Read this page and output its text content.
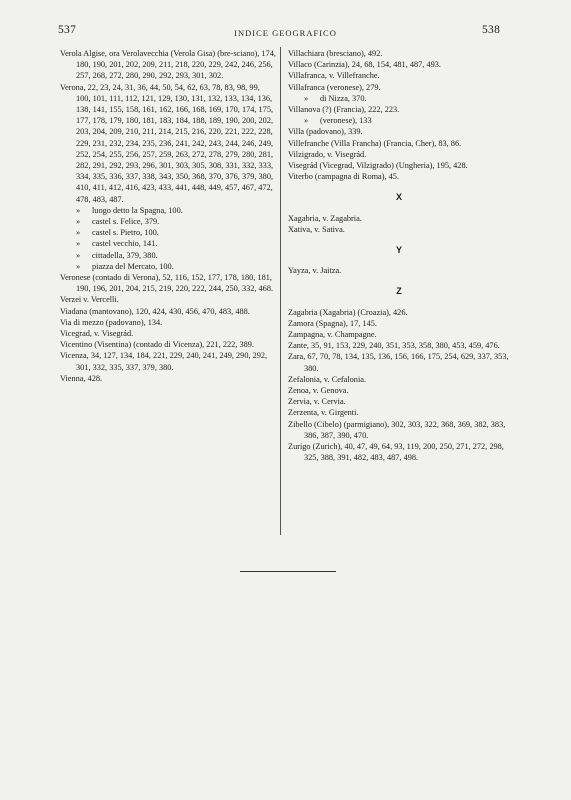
537	INDICE GEOGRAFICO	538
Verola Algise, ora Verolavecchia (Verola Gisa) (bre-sciano), 174, 180, 190, 201, 202, 209, 211, 218, 220, 229, 242, 246, 256, 257, 268, 272, 280, 290, 292, 293, 301, 302.
Verona, 22, 23, 24, 31, 36, 44, 50, 54, 62, 63, 78, 83, 98, 99, 100, 101, 111, 112, 121, 129, 130, 131, 132, 133, 134, 136, 138, 141, 155, 158, 161, 162, 166, 168, 169, 170, 174, 175, 177, 178, 179, 180, 181, 183, 184, 188, 189, 190, 200, 202, 203, 204, 209, 210, 211, 214, 215, 216, 220, 221, 222, 228, 229, 231, 232, 234, 235, 236, 241, 242, 243, 244, 246, 249, 252, 254, 255, 256, 257, 259, 263, 272, 278, 279, 280, 281, 282, 291, 292, 293, 296, 301, 303, 305, 308, 331, 332, 333, 334, 335, 336, 337, 338, 343, 350, 368, 370, 376, 379, 380, 410, 411, 412, 416, 423, 433, 441, 448, 449, 457, 467, 472, 478, 483, 487.
» luogo detto la Spagna, 100.
» castel s. Felice, 379.
» castel s. Pietro, 100.
» castel vecchio, 141.
» cittadella, 379, 380.
» piazza del Mercato, 100.
Veronese (contado di Verona), 52, 116, 152, 177, 178, 180, 181, 190, 196, 201, 204, 215, 219, 220, 222, 244, 250, 332, 468.
Verzei v. Vercelli.
Viadana (mantovano), 120, 424, 430, 456, 470, 483, 488.
Via di mezzo (padovano), 134.
Vicegrad, v. Visegrád.
Vicentino (Visentina) (contado di Vicenza), 221, 222, 389.
Vicenza, 34, 127, 134, 184, 221, 229, 240, 241, 249, 290, 292, 301, 332, 335, 337, 379, 380.
Vienna, 428.
Villachiara (bresciano), 492.
Villaco (Carinzia), 24, 68, 154, 481, 487, 493.
Villafranca, v. Villefranche.
Villafranca (veronese), 279.
» di Nizza, 370.
Villanova (?) (Francia), 222, 223.
» (veronese), 133
Villa (padovano), 339.
Villefranche (Villa Francha) (Francia, Cher), 83, 86.
Vilzigrado, v. Visegrád.
Visegrád (Vicegrad, Vilzigrado) (Ungheria), 195, 428.
Viterbo (campagna di Roma), 45.
X
Xagabria, v. Zagabria.
Xativa, v. Sativa.
Y
Yayza, v. Jaitza.
Z
Zagabria (Xagabria) (Croazia), 426.
Zamora (Spagna), 17, 145.
Zampagna, v. Champagne.
Zante, 35, 91, 153, 229, 240, 351, 353, 358, 380, 453, 459, 476.
Zara, 67, 70, 78, 134, 135, 136, 156, 166, 175, 254, 629, 337, 353, 380.
Zefalonia, v. Cefalonia.
Zenoa, v. Genova.
Zervia, v. Cervia.
Zerzenta, v. Girgenti.
Zibello (Cibelo) (parmigiano), 302, 303, 322, 368, 369, 382, 383, 386, 387, 390, 470.
Zurigo (Zurich), 40, 47, 49, 64, 93, 119, 200, 250, 271, 272, 298, 325, 388, 391, 482, 483, 487, 498.
